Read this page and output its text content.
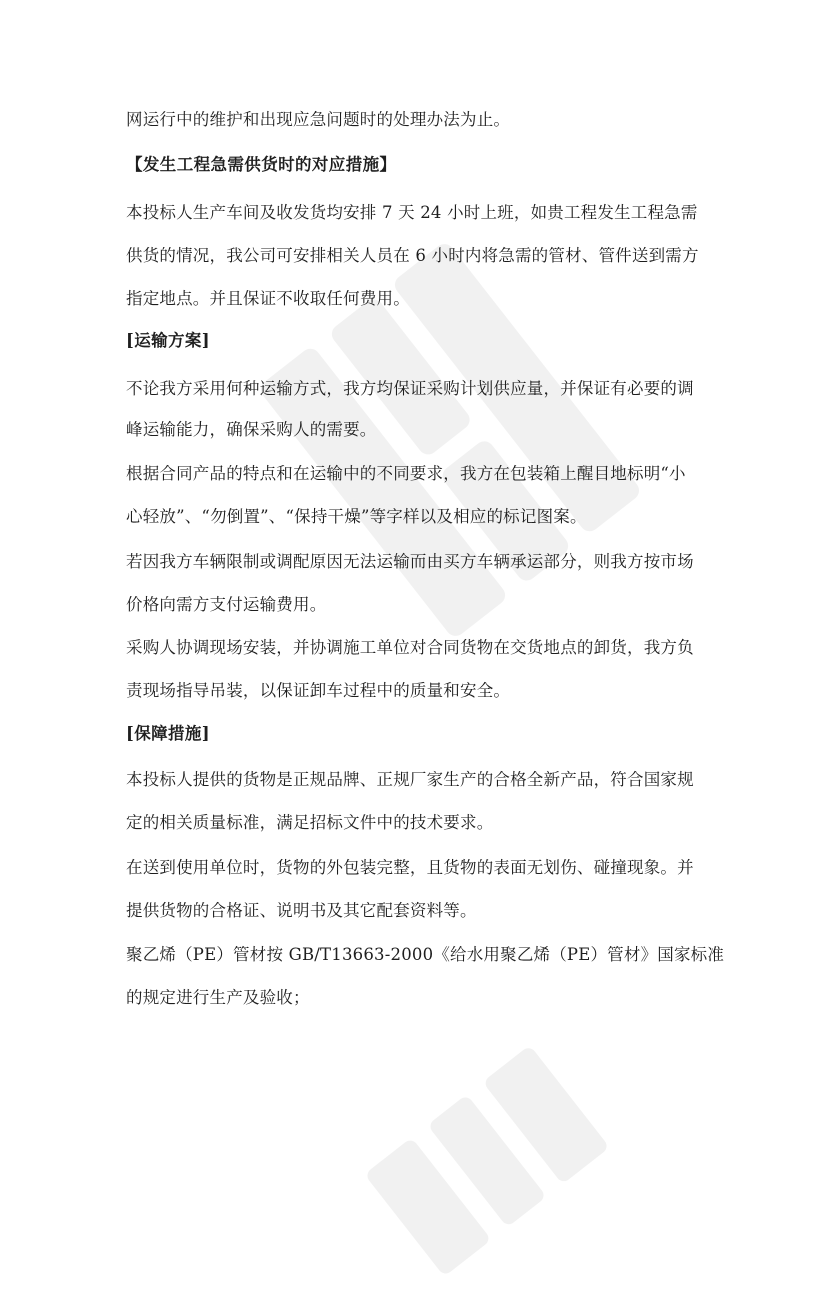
网运行中的维护和出现应急问题时的处理办法为止。
【发生工程急需供货时的对应措施】
本投标人生产车间及收发货均安排 7 天 24 小时上班，如贵工程发生工程急需
供货的情况，我公司可安排相关人员在 6 小时内将急需的管材、管件送到需方
指定地点。并且保证不收取任何费用。
[运输方案]
不论我方采用何种运输方式，我方均保证采购计划供应量，并保证有必要的调
峰运输能力，确保采购人的需要。
根据合同产品的特点和在运输中的不同要求，我方在包装箱上醒目地标明“小
心轻放”、“勿倒置”、“保持干燥”等字样以及相应的标记图案。
若因我方车辆限制或调配原因无法运输而由买方车辆承运部分，则我方按市场
价格向需方支付运输费用。
采购人协调现场安装，并协调施工单位对合同货物在交货地点的卸货，我方负
责现场指导吊装，以保证卸车过程中的质量和安全。
[保障措施]
本投标人提供的货物是正规品牌、正规厂家生产的合格全新产品，符合国家规
定的相关质量标准，满足招标文件中的技术要求。
在送到使用单位时，货物的外包装完整，且货物的表面无划伤、碰撞现象。并
提供货物的合格证、说明书及其它配套资料等。
聚乙烯（PE）管材按 GB/T13663-2000《给水用聚乙烯（PE）管材》国家标准
的规定进行生产及验收；
